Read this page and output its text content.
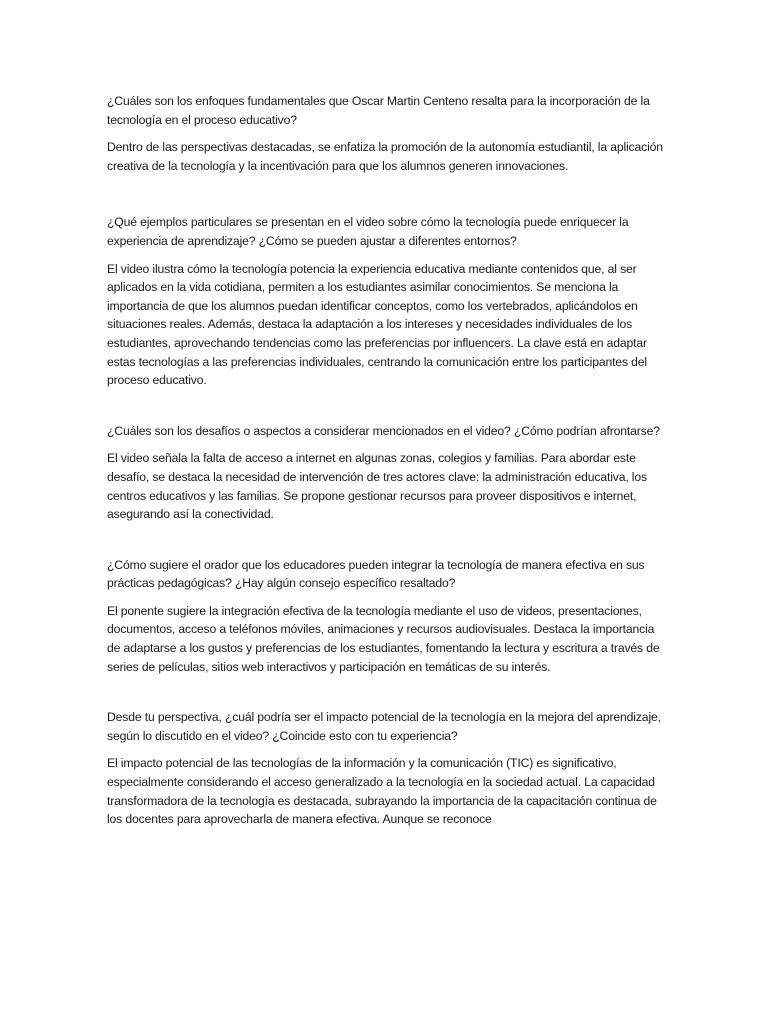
¿Cuáles son los enfoques fundamentales que Oscar Martin Centeno resalta para la incorporación de la tecnología en el proceso educativo?

Dentro de las perspectivas destacadas, se enfatiza la promoción de la autonomía estudiantil, la aplicación creativa de la tecnología y la incentivación para que los alumnos generen innovaciones.

¿Qué ejemplos particulares se presentan en el video sobre cómo la tecnología puede enriquecer la experiencia de aprendizaje? ¿Cómo se pueden ajustar a diferentes entornos?

El video ilustra cómo la tecnología potencia la experiencia educativa mediante contenidos que, al ser aplicados en la vida cotidiana, permiten a los estudiantes asimilar conocimientos. Se menciona la importancia de que los alumnos puedan identificar conceptos, como los vertebrados, aplicándolos en situaciones reales. Además, destaca la adaptación a los intereses y necesidades individuales de los estudiantes, aprovechando tendencias como las preferencias por influencers. La clave está en adaptar estas tecnologías a las preferencias individuales, centrando la comunicación entre los participantes del proceso educativo.

¿Cuáles son los desafíos o aspectos a considerar mencionados en el video? ¿Cómo podrían afrontarse?

El video señala la falta de acceso a internet en algunas zonas, colegios y familias. Para abordar este desafío, se destaca la necesidad de intervención de tres actores clave: la administración educativa, los centros educativos y las familias. Se propone gestionar recursos para proveer dispositivos e internet, asegurando así la conectividad.

¿Cómo sugiere el orador que los educadores pueden integrar la tecnología de manera efectiva en sus prácticas pedagógicas? ¿Hay algún consejo específico resaltado?

El ponente sugiere la integración efectiva de la tecnología mediante el uso de videos, presentaciones, documentos, acceso a teléfonos móviles, animaciones y recursos audiovisuales. Destaca la importancia de adaptarse a los gustos y preferencias de los estudiantes, fomentando la lectura y escritura a través de series de películas, sitios web interactivos y participación en temáticas de su interés.

Desde tu perspectiva, ¿cuál podría ser el impacto potencial de la tecnología en la mejora del aprendizaje, según lo discutido en el video? ¿Coincide esto con tu experiencia?

El impacto potencial de las tecnologías de la información y la comunicación (TIC) es significativo, especialmente considerando el acceso generalizado a la tecnología en la sociedad actual. La capacidad transformadora de la tecnología es destacada, subrayando la importancia de la capacitación continua de los docentes para aprovecharla de manera efectiva. Aunque se reconoce
